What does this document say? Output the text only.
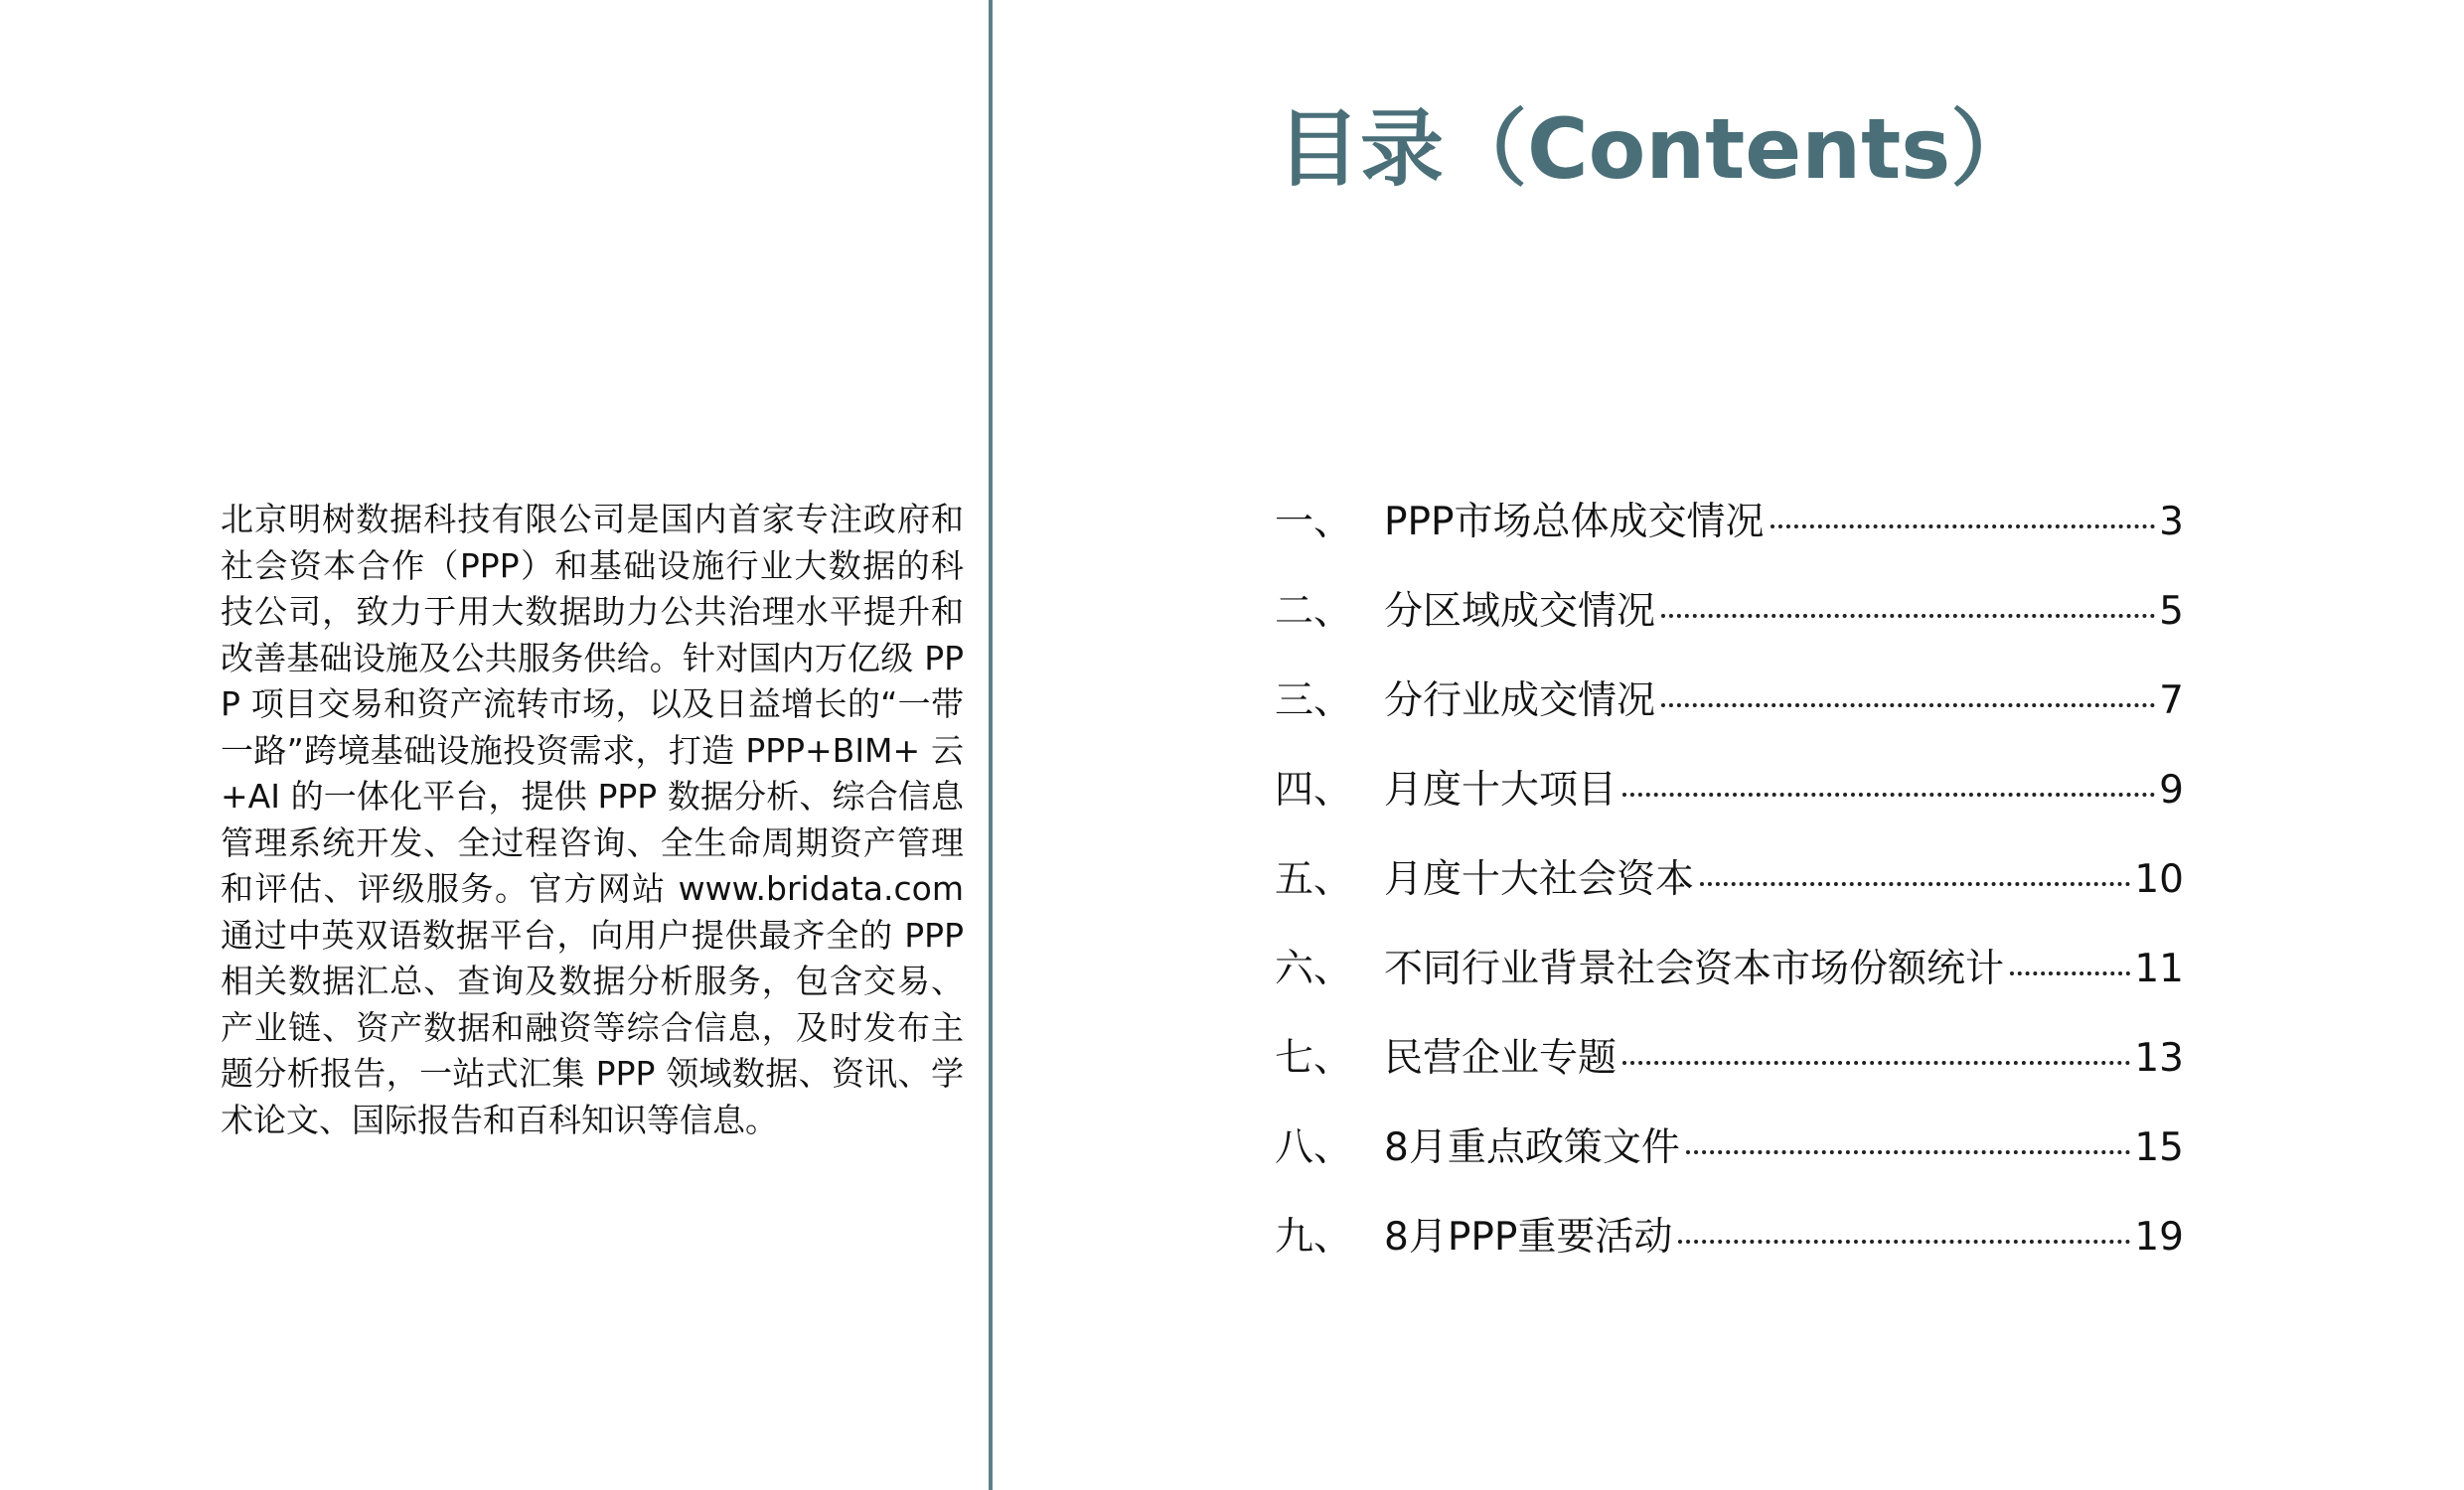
北京明树数据科技有限公司是国内首家专注政府和社会资本合作（PPP）和基础设施行业大数据的科技公司，致力于用大数据助力公共治理水平提升和改善基础设施及公共服务供给。针对国内万亿级 PPP 项目交易和资产流转市场，以及日益增长的“一带一路”跨境基础设施投资需求，打造 PPP+BIM+ 云 +AI 的一体化平台，提供 PPP 数据分析、综合信息管理系统开发、全过程咨询、全生命周期资产管理和评估、评级服务。官方网站 www.bridata.com 通过中英双语数据平台，向用户提供最齐全的 PPP 相关数据汇总、查询及数据分析服务，包含交易、产业链、资产数据和融资等综合信息，及时发布主题分析报告，一站式汇集 PPP 领域数据、资讯、学术论文、国际报告和百科知识等信息。

目录（Contents）
一、 PPP市场总体成交情况	3
二、 分区域成交情况	5
三、 分行业成交情况	7
四、 月度十大项目	9
五、 月度十大社会资本	10
六、 不同行业背景社会资本市场份额统计	11
七、 民营企业专题	13
八、 8月重点政策文件	15
九、 8月PPP重要活动	19
